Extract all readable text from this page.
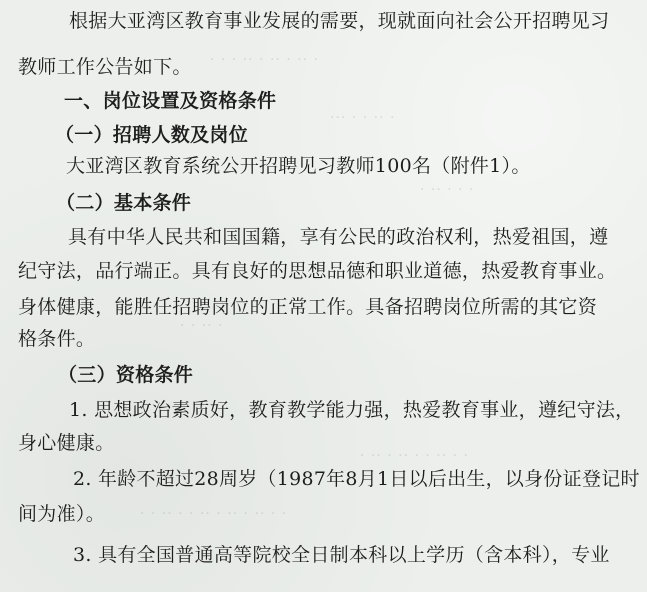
· · · ·· · ·· · ·· ·
··· · · ·· ·
· ·· · · ·
· · ·· ·
· ·· · ·· · · ·· · ·
· · ·· · · ·· · ·· · ·· · ·
根据大亚湾区教育事业发展的需要，现就面向社会公开招聘见习
教师工作公告如下。
一、岗位设置及资格条件
（一）招聘人数及岗位
大亚湾区教育系统公开招聘见习教师100名（附件1）。
（二）基本条件
具有中华人民共和国国籍，享有公民的政治权利，热爱祖国，遵
纪守法，品行端正。具有良好的思想品德和职业道德，热爱教育事业。
身体健康，能胜任招聘岗位的正常工作。具备招聘岗位所需的其它资
格条件。
（三）资格条件
1. 思想政治素质好，教育教学能力强，热爱教育事业，遵纪守法，
身心健康。
2. 年龄不超过28周岁（1987年8月1日以后出生，以身份证登记时
间为准）。
3. 具有全国普通高等院校全日制本科以上学历（含本科），专业
